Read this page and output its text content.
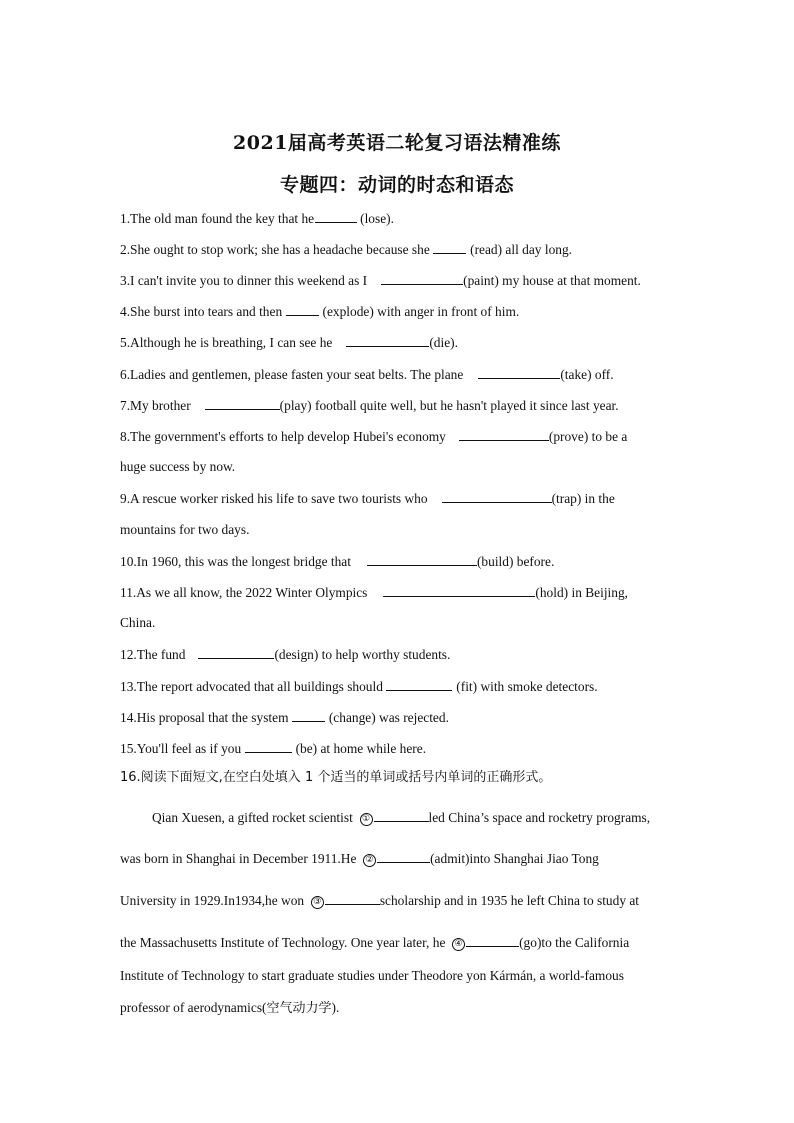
2021届高考英语二轮复习语法精准练
专题四：动词的时态和语态
1.The old man found the key that he	(lose).
2.She ought to stop work; she has a headache because she	(read) all day long.
3.I can't invite you to dinner this weekend as I	(paint) my house at that moment.
4.She burst into tears and then	(explode) with anger in front of him.
5.Although he is breathing, I can see he	(die).
6.Ladies and gentlemen, please fasten your seat belts. The plane	(take) off.
7.My brother	(play) football quite well, but he hasn't played it since last year.
8.The government's efforts to help develop Hubei's economy	(prove) to be a
huge success by now.
9.A rescue worker risked his life to save two tourists who	(trap) in the
mountains for two days.
10.In 1960, this was the longest bridge that	(build) before.
11.As we all know, the 2022 Winter Olympics	(hold) in Beijing,
China.
12.The fund	(design) to help worthy students.
13.The report advocated that all buildings should	(fit) with smoke detectors.
14.His proposal that the system	(change) was rejected.
15.You'll feel as if you	(be) at home while here.
16.阅读下面短文,在空白处填入 1 个适当的单词或括号内单词的正确形式。
Qian Xuesen, a gifted rocket scientist ①	led China’s space and rocketry programs,
was born in Shanghai in December 1911.He ②	(admit)into Shanghai Jiao Tong
University in 1929.In1934,he won ③	scholarship and in 1935 he left China to study at
the Massachusetts Institute of Technology. One year later, he ④	(go)to the California
Institute of Technology to start graduate studies under Theodore yon Kármán, a world-famous
professor of aerodynamics(空气动力学).
